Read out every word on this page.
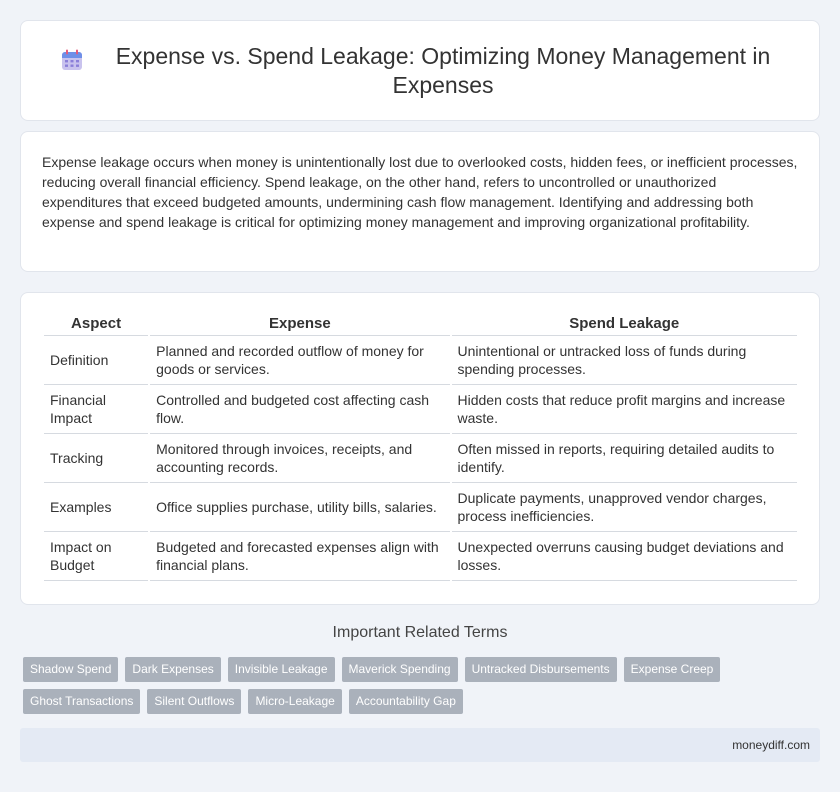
Expense vs. Spend Leakage: Optimizing Money Management in Expenses

Expense leakage occurs when money is unintentionally lost due to overlooked costs, hidden fees, or inefficient processes, reducing overall financial efficiency. Spend leakage, on the other hand, refers to uncontrolled or unauthorized expenditures that exceed budgeted amounts, undermining cash flow management. Identifying and addressing both expense and spend leakage is critical for optimizing money management and improving organizational profitability.

Aspect	Expense	Spend Leakage
Definition	Planned and recorded outflow of money for goods or services.	Unintentional or untracked loss of funds during spending processes.
Financial Impact	Controlled and budgeted cost affecting cash flow.	Hidden costs that reduce profit margins and increase waste.
Tracking	Monitored through invoices, receipts, and accounting records.	Often missed in reports, requiring detailed audits to identify.
Examples	Office supplies purchase, utility bills, salaries.	Duplicate payments, unapproved vendor charges, process inefficiencies.
Impact on Budget	Budgeted and forecasted expenses align with financial plans.	Unexpected overruns causing budget deviations and losses.
Important Related Terms
Shadow Spend	Dark Expenses	Invisible Leakage	Maverick Spending	Untracked Disbursements	Expense Creep
Ghost Transactions	Silent Outflows	Micro-Leakage	Accountability Gap
moneydiff.com
